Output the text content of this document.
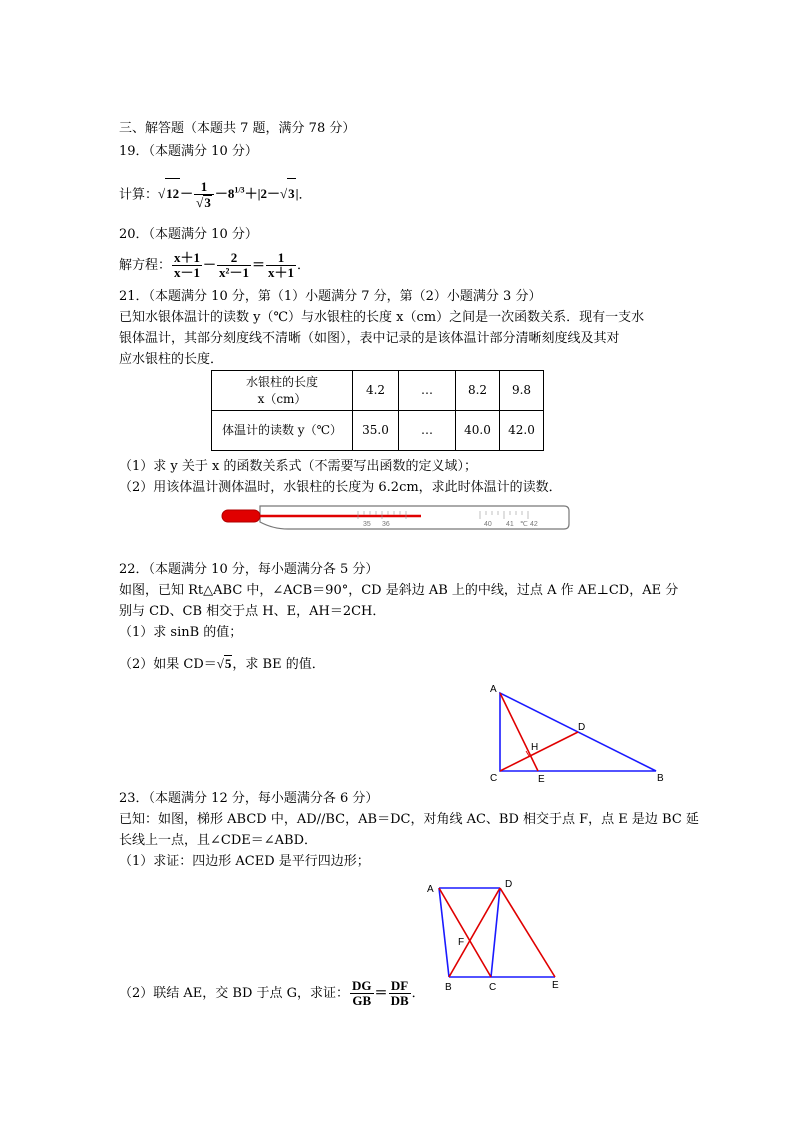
三、解答题（本题共 7 题，满分 78 分）
19．（本题满分 10 分）
计算：$√12- \frac{1}{√3} -8^{1/3}+|2-√3|$．
20．（本题满分 10 分）
解方程： $\frac{x+1}{x-1} - \frac{2}{\text{x²－1}} = \frac{1}{x+1}$ ．
21．（本题满分 10 分，第（1）小题满分 7 分，第（2）小题满分 3 分）
已知水银体温计的读数 y（℃）与水银柱的长度 x（cm）之间是一次函数关系．现有一支水
银体温计，其部分刻度线不清晰（如图），表中记录的是该体温计部分清晰刻度线及其对
应水银柱的长度．
水银柱的长度
x（cm）	4.2	…	8.2	9.8
体温计的读数 y（℃）	35.0	…	40.0	42.0
（1）求 y 关于 x 的函数关系式（不需要写出函数的定义域）；
（2）用该体温计测体温时，水银柱的长度为 6.2cm，求此时体温计的读数．
35 36	40 41 ℃ 42
22．（本题满分 10 分，每小题满分各 5 分）
如图，已知 Rt△ABC 中，∠ACB＝90°，CD 是斜边 AB 上的中线，过点 A 作 AE⊥CD，AE 分
别与 CD、CB 相交于点 H、E，AH＝2CH．
（1）求 sinB 的值；
（2）如果 CD＝√5，求 BE 的值．
A
C	B
D
E
H
23．（本题满分 12 分，每小题满分各 6 分）
已知：如图，梯形 ABCD 中，AD//BC，AB＝DC，对角线 AC、BD 相交于点 F，点 E 是边 BC 延
长线上一点，且∠CDE＝∠ABD．
（1）求证：四边形 ACED 是平行四边形；
A	D
F
B	C	E
（2）联结 AE，交 BD 于点 G，求证： $\frac{DG}{GB} = \frac{DF}{DB}$ ．
